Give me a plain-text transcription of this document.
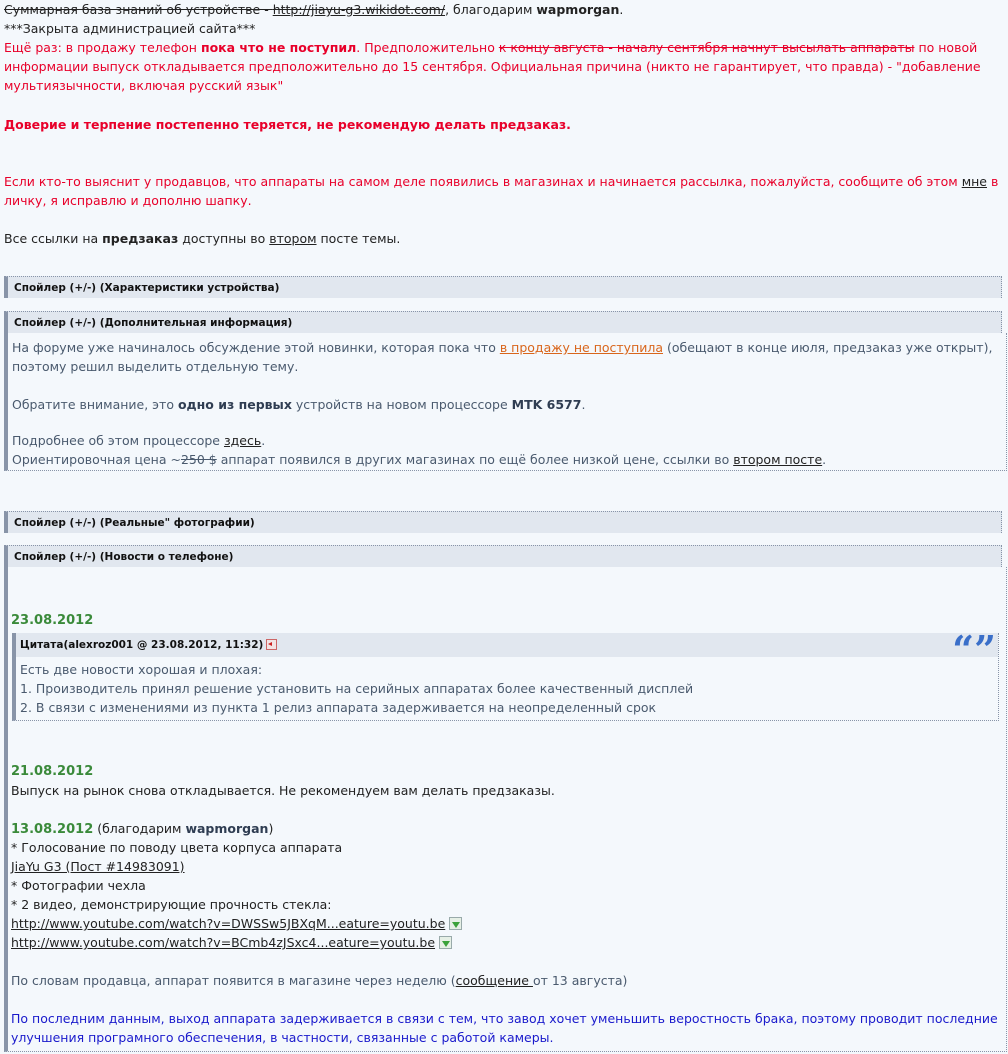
Суммарная база знаний об устройстве - http://jiayu-g3.wikidot.com/, благодарим wapmorgan.
***Закрыта администрацией сайта***
Ещё раз: в продажу телефон пока что не поступил. Предположительно к концу августа - началу сентября начнут высылать аппараты по новой
информации выпуск откладывается предположительно до 15 сентября. Официальная причина (никто не гарантирует, что правда) - "добавление
мультиязычности, включая русский язык"
Доверие и терпение постепенно теряется, не рекомендую делать предзаказ.
Если кто-то выяснит у продавцов, что аппараты на самом деле появились в магазинах и начинается рассылка, пожалуйста, сообщите об этом мне в
личку, я исправлю и дополню шапку.
Все ссылки на предзаказ доступны во втором посте темы.
Спойлер (+/-) (Характеристики устройства)
Спойлер (+/-) (Дополнительная информация)
На форуме уже начиналось обсуждение этой новинки, которая пока что в продажу не поступила (обещают в конце июля, предзаказ уже открыт),
поэтому решил выделить отдельную тему.
Обратите внимание, это одно из первых устройств на новом процессоре MTK 6577.
Подробнее об этом процессоре здесь.
Ориентировочная цена ~250 $ аппарат появился в других магазинах по ещё более низкой цене, ссылки во втором посте.
Спойлер (+/-) (Реальные" фотографии)
Спойлер (+/-) (Новости о телефоне)
23.08.2012
Цитата(alexroz001 @ 23.08.2012, 11:32)	“”
Есть две новости хорошая и плохая:
1. Производитель принял решение установить на серийных аппаратах более качественный дисплей
2. В связи с изменениями из пункта 1 релиз аппарата задерживается на неопределенный срок
21.08.2012
Выпуск на рынок снова откладывается. Не рекомендуем вам делать предзаказы.
13.08.2012 (благодарим wapmorgan)
* Голосование по поводу цвета корпуса аппарата
JiaYu G3 (Пост #14983091)
* Фотографии чехла
* 2 видео, демонстрирующие прочность стекла:
http://www.youtube.com/watch?v=DWSSw5JBXqM...eature=youtu.be
http://www.youtube.com/watch?v=BCmb4zJSxc4...eature=youtu.be
По словам продавца, аппарат появится в магазине через неделю (сообщение от 13 августа)
По последним данным, выход аппарата задерживается в связи с тем, что завод хочет уменьшить веростность брака, поэтому проводит последние
улучшения програмного обеспечения, в частности, связанные с работой камеры.
